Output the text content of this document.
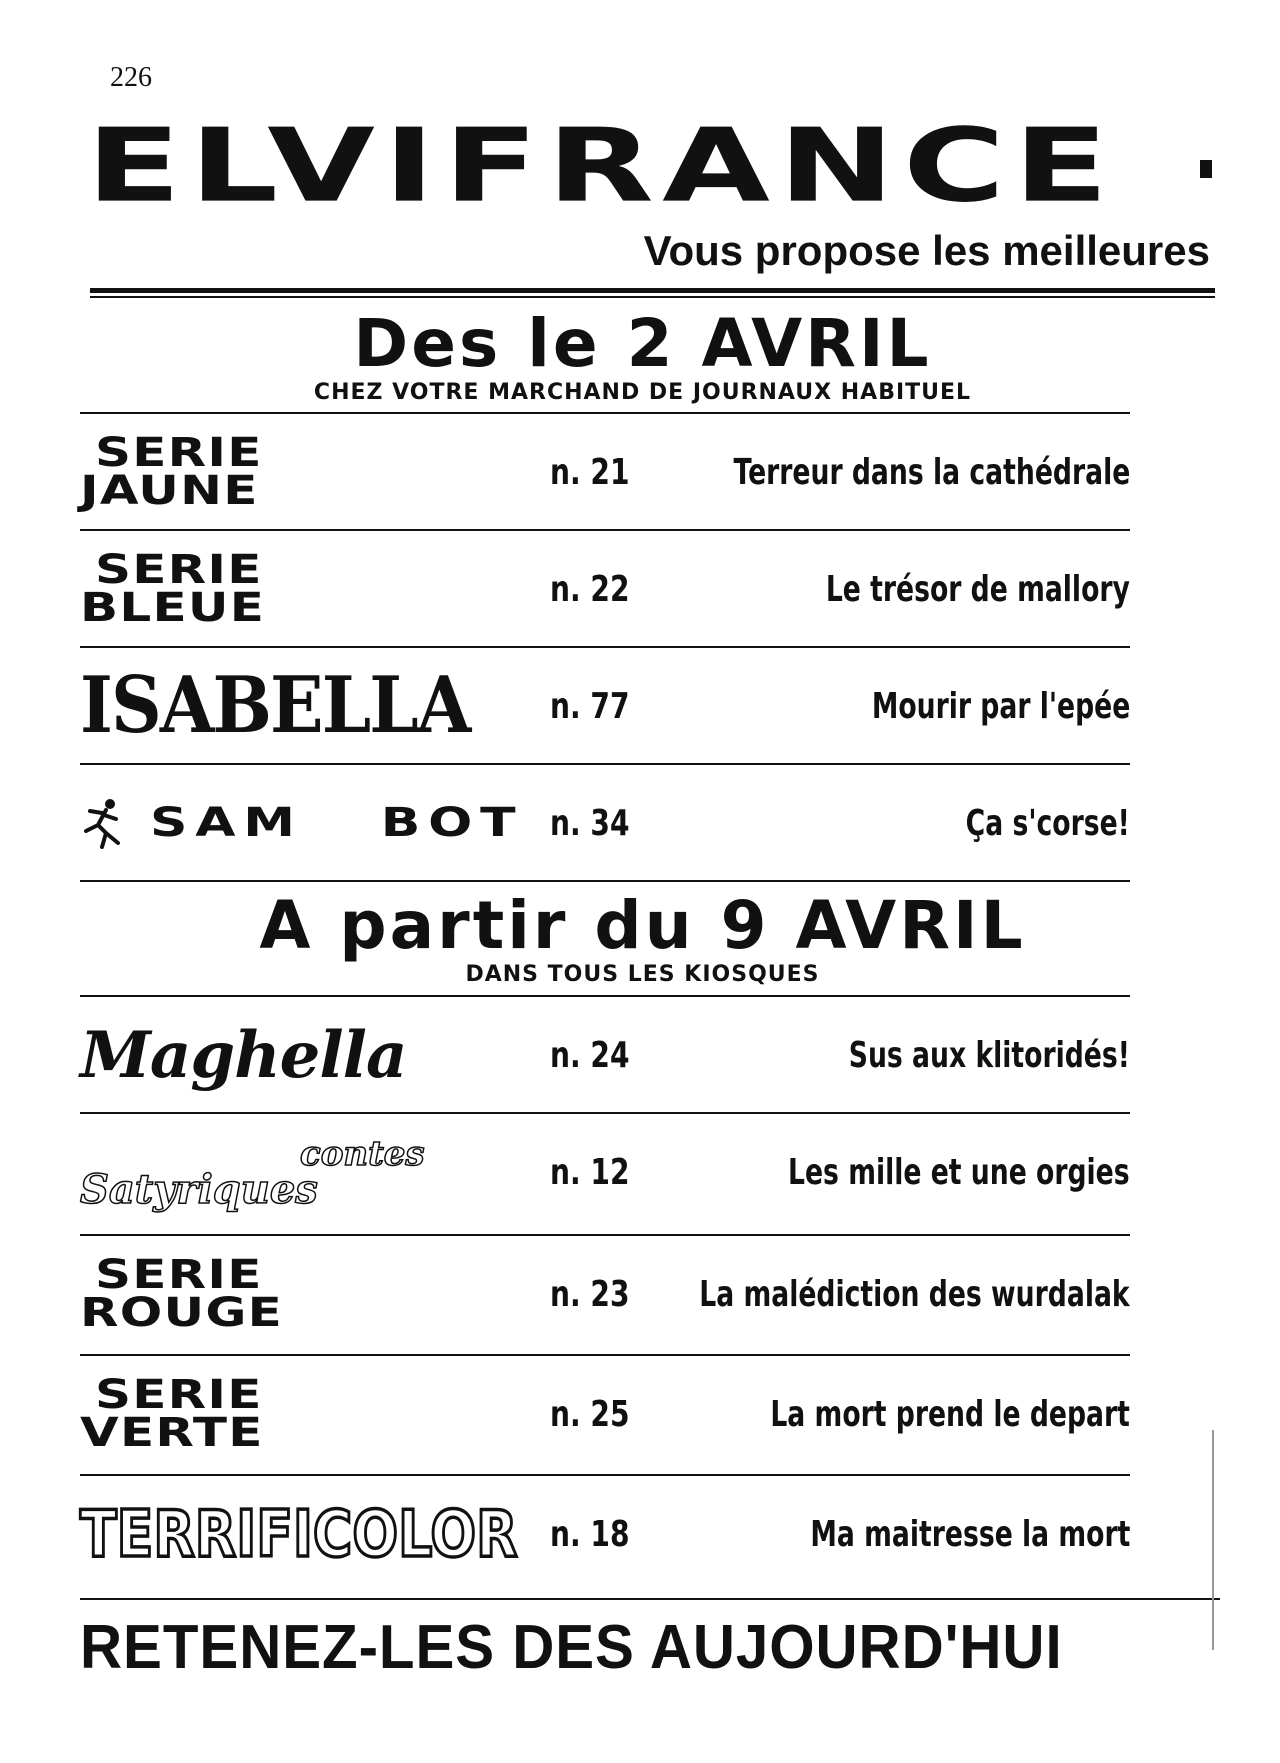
226
ELVIFRANCE
Vous propose les meilleures
Des le 2 AVRIL
CHEZ VOTRE MARCHAND DE JOURNAUX HABITUEL
SERIE
JAUNE	n. 21	Terreur dans la cathédrale
SERIE
BLEUE	n. 22	Le trésor de mallory
ISABELLA	n. 77	Mourir par l'epée
SAM BOT n. 34	Ça s'corse!
A partir du 9 AVRIL
DANS TOUS LES KIOSQUES
Maghella	n. 24	Sus aux klitoridés!
contes
Satyriques	n. 12	Les mille et une orgies
SERIE
ROUGE	n. 23	La malédiction des wurdalak
SERIE
VERTE	n. 25	La mort prend le depart
TERRIFICOLOR n. 18	Ma maitresse la mort
RETENEZ-LES DES AUJOURD'HUI
